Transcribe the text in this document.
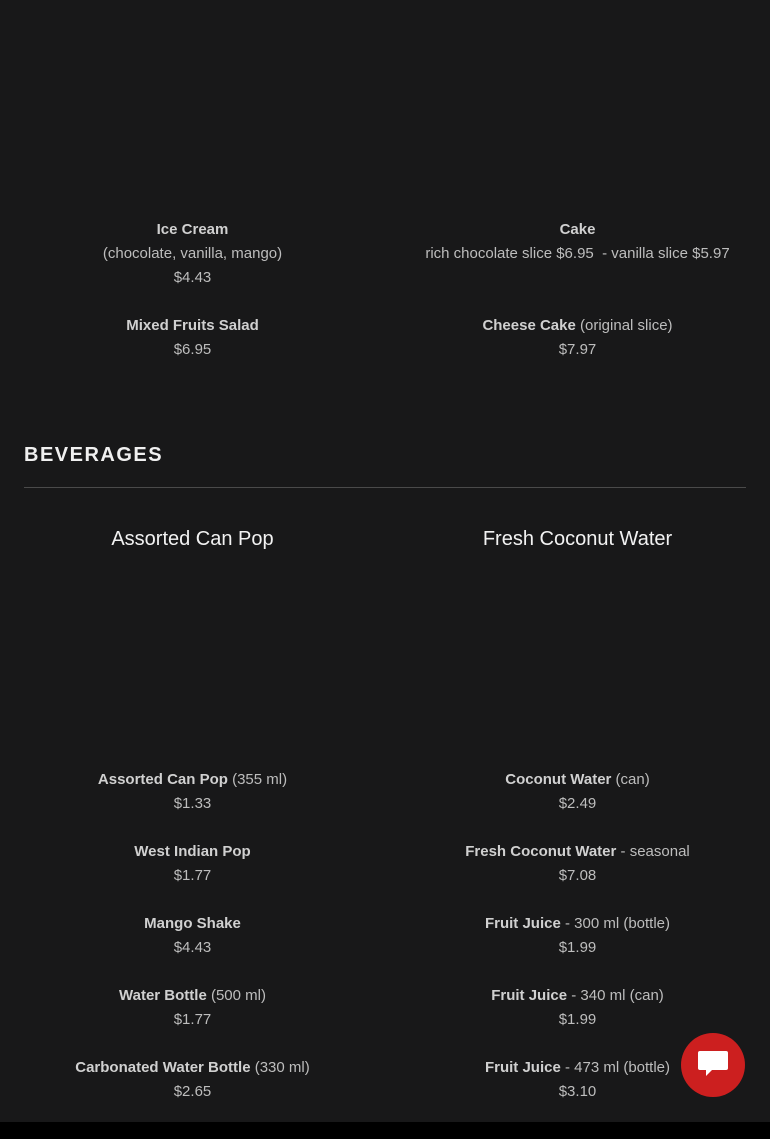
Ice Cream
(chocolate, vanilla, mango)
$4.43
Mixed Fruits Salad
$6.95
Cake
rich chocolate slice $6.95  - vanilla slice $5.97
Cheese Cake (original slice)
$7.97
BEVERAGES
Assorted Can Pop	Fresh Coconut Water
Assorted Can Pop (355 ml)
$1.33
West Indian Pop
$1.77
Mango Shake
$4.43
Water Bottle (500 ml)
$1.77
Carbonated Water Bottle (330 ml)
$2.65
Coconut Water (can)
$2.49
Fresh Coconut Water - seasonal
$7.08
Fruit Juice - 300 ml (bottle)
$1.99
Fruit Juice - 340 ml (can)
$1.99
Fruit Juice - 473 ml (bottle)
$3.10
